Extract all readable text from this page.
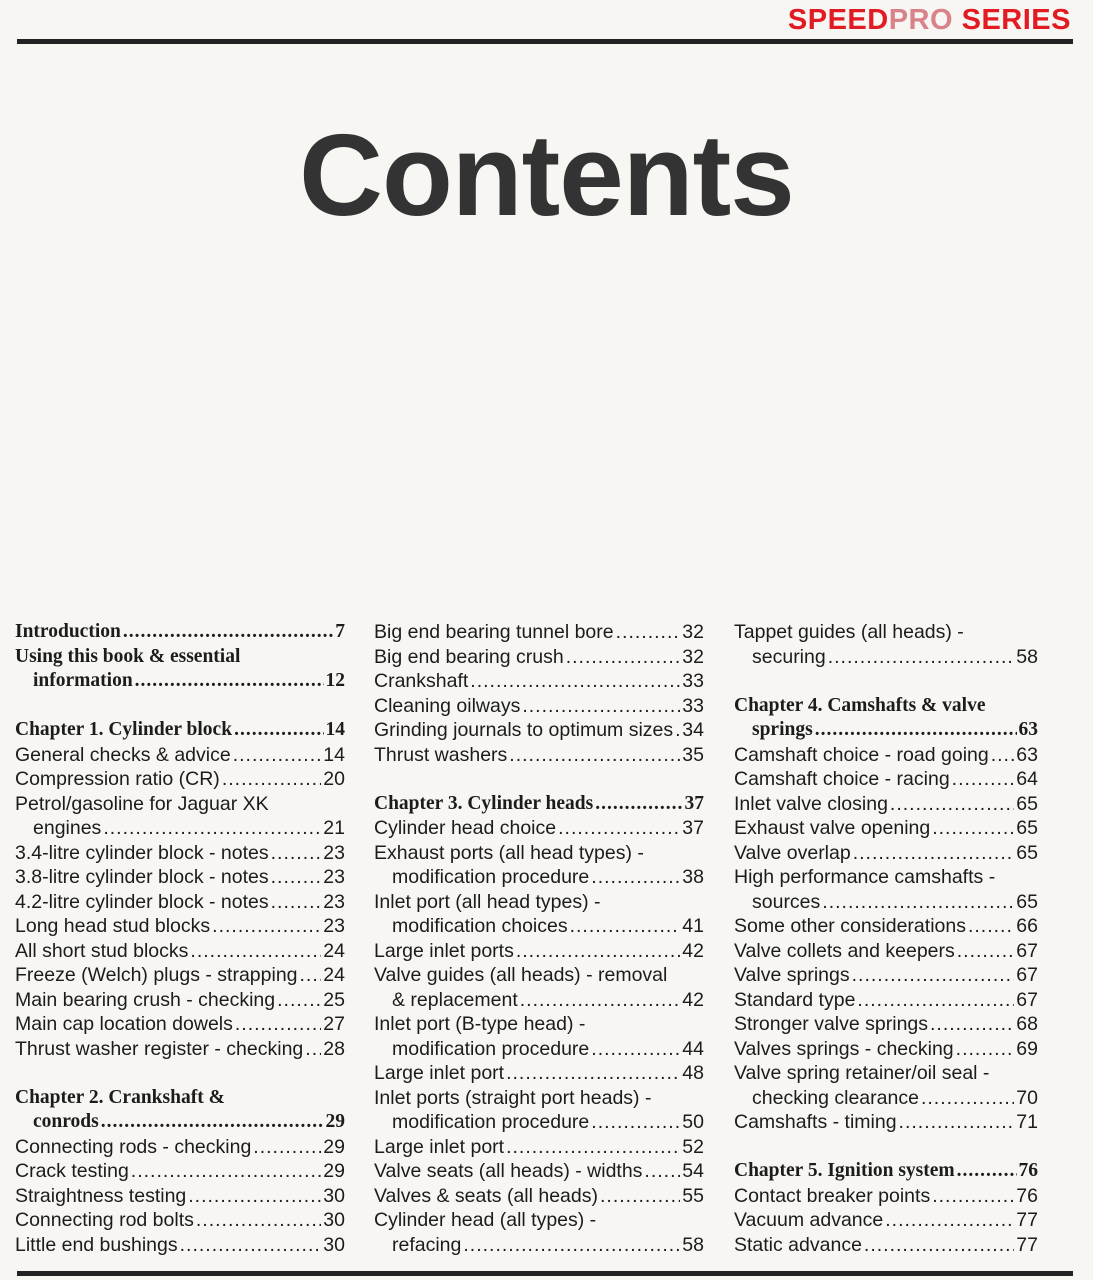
SPEEDPRO SERIES
Contents
Introduction .....	7
Using this book & essential
information .....	12
Chapter 1. Cylinder block .....	14
General checks & advice .....	14
Compression ratio (CR) .....	20
Petrol/gasoline for Jaguar XK
engines .....	21
3.4-litre cylinder block - notes .....	23
3.8-litre cylinder block - notes .....	23
4.2-litre cylinder block - notes .....	23
Long head stud blocks .....	23
All short stud blocks .....	24
Freeze (Welch) plugs - strapping ..... 24
Main bearing crush - checking ..... 25
Main cap location dowels .....	27
Thrust washer register - checking ..... 28
Chapter 2. Crankshaft &
conrods .....	29
Connecting rods - checking .....	29
Crack testing .....	29
Straightness testing .....	30
Connecting rod bolts .....	30
Little end bushings .....	30
Big end bearing tunnel bore .....	32
Big end bearing crush .....	32
Crankshaft .....	33
Cleaning oilways .....	33
Grinding journals to optimum sizes ..... 34
Thrust washers .....	35
Chapter 3. Cylinder heads .....	37
Cylinder head choice .....	37
Exhaust ports (all head types) -
modification procedure .....	38
Inlet port (all head types) -
modification choices .....	41
Large inlet ports .....	42
Valve guides (all heads) - removal
& replacement .....	42
Inlet port (B-type head) -
modification procedure .....	44
Large inlet port .....	48
Inlet ports (straight port heads) -
modification procedure .....	50
Large inlet port .....	52
Valve seats (all heads) - widths ..... 54
Valves & seats (all heads) .....	55
Cylinder head (all types) -
refacing .....	58
Tappet guides (all heads) -
securing .....	58
Chapter 4. Camshafts & valve
springs .....	63
Camshaft choice - road going ..... 63
Camshaft choice - racing .....	64
Inlet valve closing .....	65
Exhaust valve opening .....	65
Valve overlap .....	65
High performance camshafts -
sources .....	65
Some other considerations .....	66
Valve collets and keepers .....	67
Valve springs .....	67
Standard type .....	67
Stronger valve springs .....	68
Valves springs - checking .....	69
Valve spring retainer/oil seal -
checking clearance .....	70
Camshafts - timing .....	71
Chapter 5. Ignition system .....	76
Contact breaker points .....	76
Vacuum advance .....	77
Static advance .....	77
